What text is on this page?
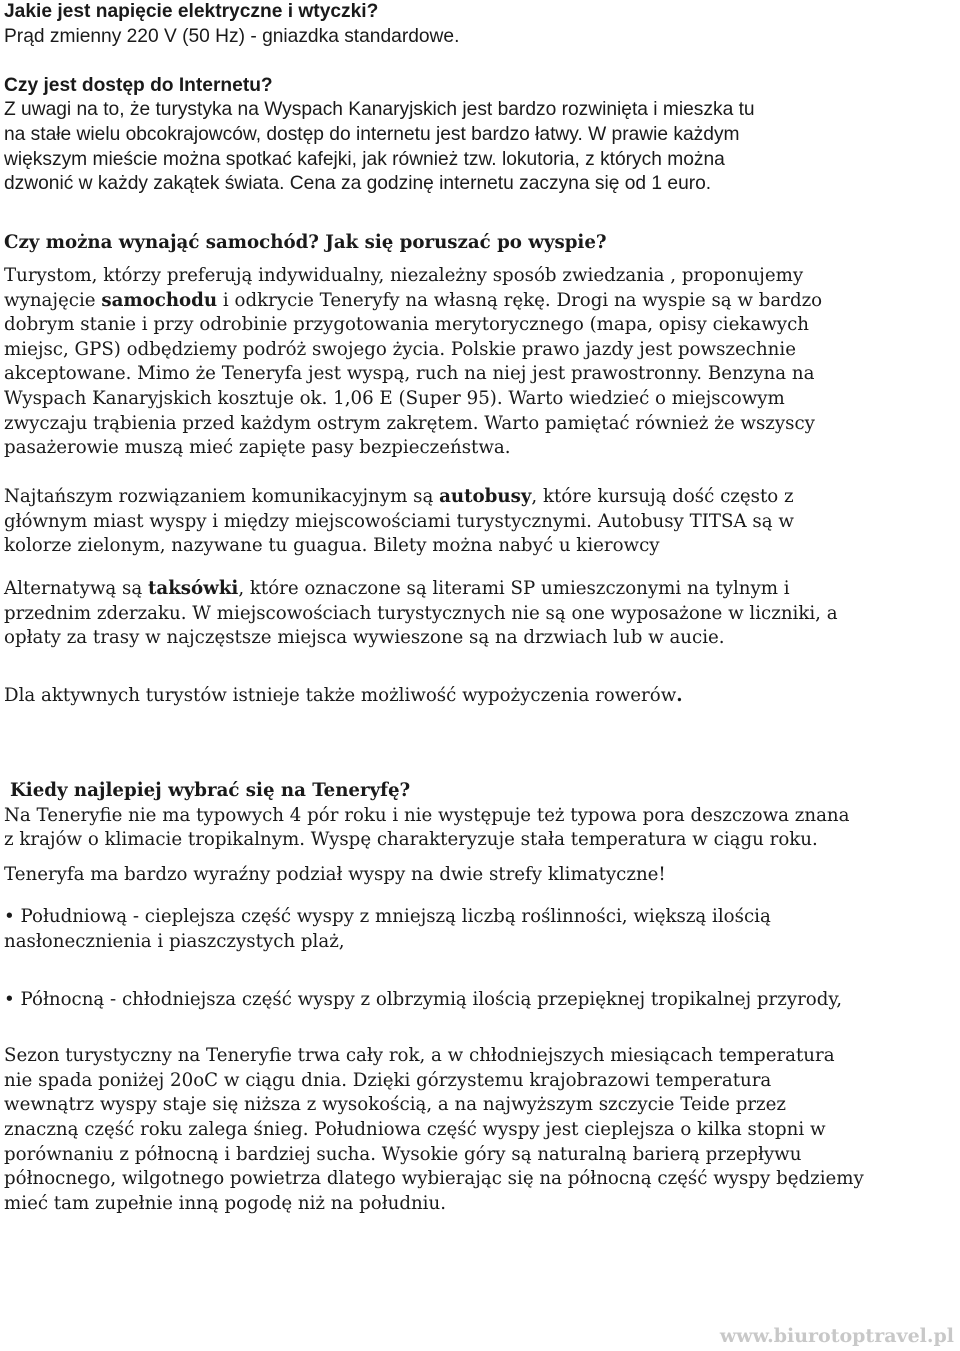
Jakie jest napięcie elektryczne i wtyczki?
Prąd zmienny 220 V (50 Hz) - gniazdka standardowe.
Czy jest dostęp do Internetu?
Z uwagi na to, że turystyka na Wyspach Kanaryjskich jest bardzo rozwinięta i mieszka tu
na stałe wielu obcokrajowców, dostęp do internetu jest bardzo łatwy. W prawie każdym
większym mieście można spotkać kafejki, jak również tzw. lokutoria, z których można
dzwonić w każdy zakątek świata. Cena za godzinę internetu zaczyna się od 1 euro.
Czy można wynająć samochód? Jak się poruszać po wyspie?
Turystom, którzy preferują indywidualny, niezależny sposób zwiedzania , proponujemy
wynajęcie samochodu i odkrycie Teneryfy na własną rękę. Drogi na wyspie są w bardzo
dobrym stanie i przy odrobinie przygotowania merytorycznego (mapa, opisy ciekawych
miejsc, GPS) odbędziemy podróż swojego życia. Polskie prawo jazdy jest powszechnie
akceptowane. Mimo że Teneryfa jest wyspą, ruch na niej jest prawostronny. Benzyna na
Wyspach Kanaryjskich kosztuje ok. 1,06 E (Super 95). Warto wiedzieć o miejscowym
zwyczaju trąbienia przed każdym ostrym zakrętem. Warto pamiętać również że wszyscy
pasażerowie muszą mieć zapięte pasy bezpieczeństwa.
Najtańszym rozwiązaniem komunikacyjnym są autobusy, które kursują dość często z
głównym miast wyspy i między miejscowościami turystycznymi. Autobusy TITSA są w
kolorze zielonym, nazywane tu guagua. Bilety można nabyć u kierowcy
Alternatywą są taksówki, które oznaczone są literami SP umieszczonymi na tylnym i
przednim zderzaku. W miejscowościach turystycznych nie są one wyposażone w liczniki, a
opłaty za trasy w najczęstsze miejsca wywieszone są na drzwiach lub w aucie.
Dla aktywnych turystów istnieje także możliwość wypożyczenia rowerów.
Kiedy najlepiej wybrać się na Teneryfę?
Na Teneryfie nie ma typowych 4 pór roku i nie występuje też typowa pora deszczowa znana
z krajów o klimacie tropikalnym. Wyspę charakteryzuje stała temperatura w ciągu roku.
Teneryfa ma bardzo wyraźny podział wyspy na dwie strefy klimatyczne!
• Południową - cieplejsza część wyspy z mniejszą liczbą roślinności, większą ilością
nasłonecznienia i piaszczystych plaż,
• Północną - chłodniejsza część wyspy z olbrzymią ilością przepięknej tropikalnej przyrody,
Sezon turystyczny na Teneryfie trwa cały rok, a w chłodniejszych miesiącach temperatura
nie spada poniżej 20oC w ciągu dnia. Dzięki górzystemu krajobrazowi temperatura
wewnątrz wyspy staje się niższa z wysokością, a na najwyższym szczycie Teide przez
znaczną część roku zalega śnieg. Południowa część wyspy jest cieplejsza o kilka stopni w
porównaniu z północną i bardziej sucha. Wysokie góry są naturalną barierą przepływu
północnego, wilgotnego powietrza dlatego wybierając się na północną część wyspy będziemy
mieć tam zupełnie inną pogodę niż na południu.
www.biurotoptravel.pl
